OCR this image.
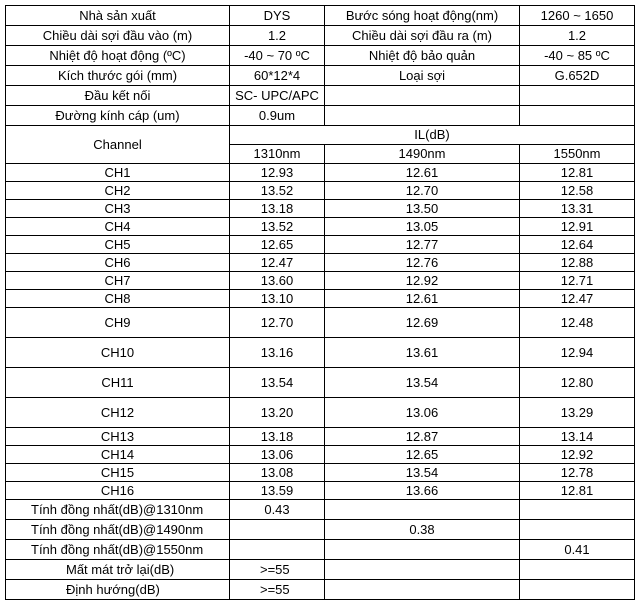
Nhà sản xuất	DYS	Bước sóng hoạt động(nm)	1260 ~ 1650
Chiều dài sợi đầu vào (m)	1.2	Chiều dài sợi đầu ra (m)	1.2
Nhiệt độ hoạt động (ºC)	-40 ~ 70 ºC	Nhiệt độ bảo quản	-40 ~ 85 ºC
Kích thước gói (mm)	60*12*4	Loại sợi	G.652D
Đầu kết nối	SC- UPC/APC		
Đường kính cáp (um)	0.9um		
Channel	IL(dB)		
	1310nm	1490nm	1550nm
CH1	12.93	12.61	12.81
CH2	13.52	12.70	12.58
CH3	13.18	13.50	13.31
CH4	13.52	13.05	12.91
CH5	12.65	12.77	12.64
CH6	12.47	12.76	12.88
CH7	13.60	12.92	12.71
CH8	13.10	12.61	12.47
CH9	12.70	12.69	12.48
CH10	13.16	13.61	12.94
CH11	13.54	13.54	12.80
CH12	13.20	13.06	13.29
CH13	13.18	12.87	13.14
CH14	13.06	12.65	12.92
CH15	13.08	13.54	12.78
CH16	13.59	13.66	12.81
Tính đồng nhất(dB)@1310nm	0.43		
Tính đồng nhất(dB)@1490nm		0.38	
Tính đồng nhất(dB)@1550nm			0.41
Mất mát trở lại(dB)	>=55		
Định hướng(dB)	>=55		
